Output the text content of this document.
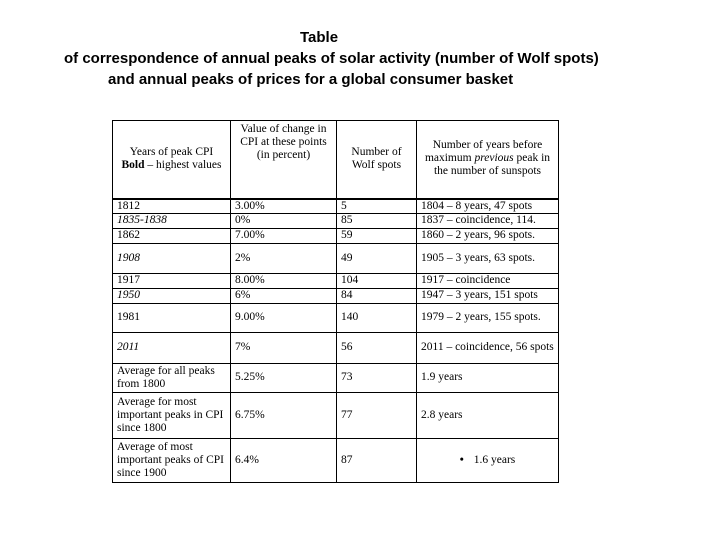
Table
of correspondence of annual peaks of solar activity (number of Wolf spots)
and annual peaks of prices for a global consumer basket
Years of peak CPI
Bold – highest values	Value of change in CPI at these points (in percent)	Number of Wolf spots	Number of years before maximum previous peak in the number of sunspots
1812	3.00%	5	1804 – 8 years, 47 spots
1835-1838	0%	85	1837 – coincidence, 114.
1862	7.00%	59	1860 – 2 years, 96 spots.
1908	2%	49	1905 – 3 years, 63 spots.
1917	8.00%	104	1917 – coincidence
1950	6%	84	1947 – 3 years, 151 spots
1981	9.00%	140	1979 – 2 years, 155 spots.
2011	7%	56	2011 – coincidence, 56 spots
Average for all peaks from 1800	5.25%	73	1.9 years
Average for most important peaks in CPI since 1800	6.75%	77	2.8 years
Average of most important peaks of CPI since 1900	6.4%	87	• 1.6 years
